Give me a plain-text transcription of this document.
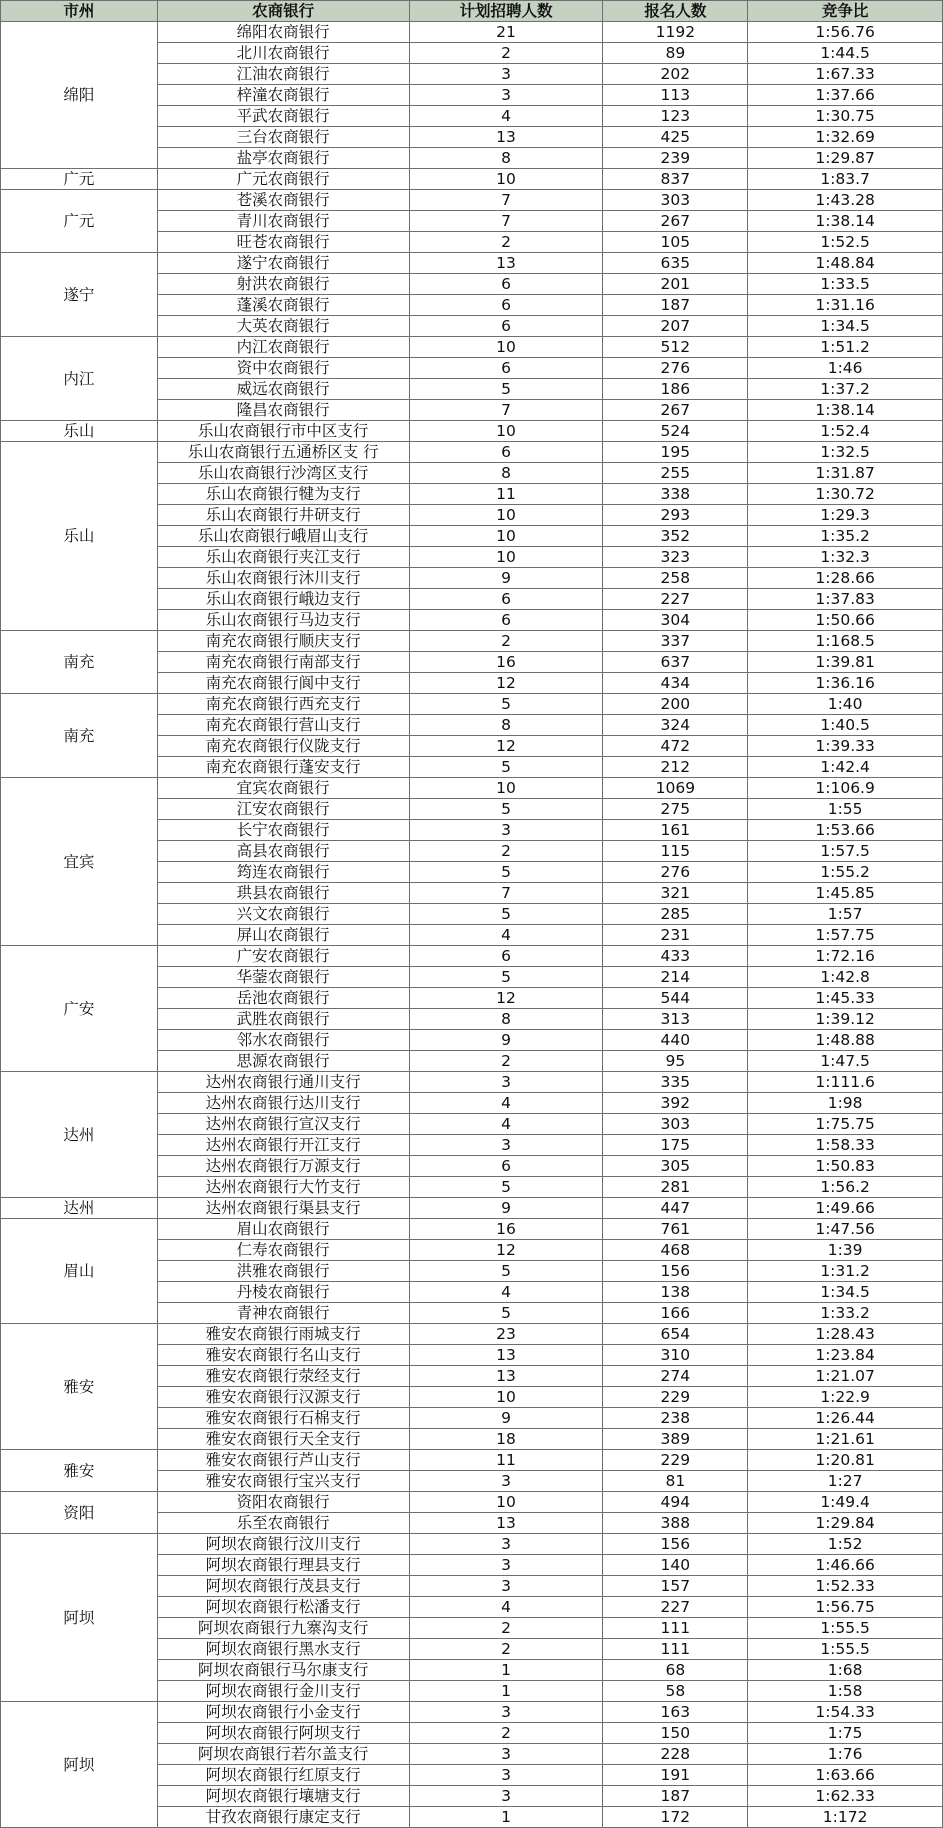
市州	农商银行	计划招聘人数	报名人数	竞争比
绵阳	绵阳农商银行	21	1192	1:56.76
	北川农商银行	2	89	1:44.5
	江油农商银行	3	202	1:67.33
	梓潼农商银行	3	113	1:37.66
	平武农商银行	4	123	1:30.75
	三台农商银行	13	425	1:32.69
	盐亭农商银行	8	239	1:29.87
广元	广元农商银行	10	837	1:83.7
广元	苍溪农商银行	7	303	1:43.28
	青川农商银行	7	267	1:38.14
	旺苍农商银行	2	105	1:52.5
遂宁	遂宁农商银行	13	635	1:48.84
	射洪农商银行	6	201	1:33.5
	蓬溪农商银行	6	187	1:31.16
	大英农商银行	6	207	1:34.5
内江	内江农商银行	10	512	1:51.2
	资中农商银行	6	276	1:46
	威远农商银行	5	186	1:37.2
	隆昌农商银行	7	267	1:38.14
乐山	乐山农商银行市中区支行	10	524	1:52.4
乐山	乐山农商银行五通桥区支 行	6	195	1:32.5
	乐山农商银行沙湾区支行	8	255	1:31.87
	乐山农商银行犍为支行	11	338	1:30.72
	乐山农商银行井研支行	10	293	1:29.3
	乐山农商银行峨眉山支行	10	352	1:35.2
	乐山农商银行夹江支行	10	323	1:32.3
	乐山农商银行沐川支行	9	258	1:28.66
	乐山农商银行峨边支行	6	227	1:37.83
	乐山农商银行马边支行	6	304	1:50.66
南充	南充农商银行顺庆支行	2	337	1:168.5
	南充农商银行南部支行	16	637	1:39.81
	南充农商银行阆中支行	12	434	1:36.16
南充	南充农商银行西充支行	5	200	1:40
	南充农商银行营山支行	8	324	1:40.5
	南充农商银行仪陇支行	12	472	1:39.33
	南充农商银行蓬安支行	5	212	1:42.4
宜宾	宜宾农商银行	10	1069	1:106.9
	江安农商银行	5	275	1:55
	长宁农商银行	3	161	1:53.66
	高县农商银行	2	115	1:57.5
	筠连农商银行	5	276	1:55.2
	珙县农商银行	7	321	1:45.85
	兴文农商银行	5	285	1:57
	屏山农商银行	4	231	1:57.75
广安	广安农商银行	6	433	1:72.16
	华蓥农商银行	5	214	1:42.8
	岳池农商银行	12	544	1:45.33
	武胜农商银行	8	313	1:39.12
	邻水农商银行	9	440	1:48.88
	思源农商银行	2	95	1:47.5
达州	达州农商银行通川支行	3	335	1:111.6
	达州农商银行达川支行	4	392	1:98
	达州农商银行宣汉支行	4	303	1:75.75
	达州农商银行开江支行	3	175	1:58.33
	达州农商银行万源支行	6	305	1:50.83
	达州农商银行大竹支行	5	281	1:56.2
达州	达州农商银行渠县支行	9	447	1:49.66
眉山	眉山农商银行	16	761	1:47.56
	仁寿农商银行	12	468	1:39
	洪雅农商银行	5	156	1:31.2
	丹棱农商银行	4	138	1:34.5
	青神农商银行	5	166	1:33.2
雅安	雅安农商银行雨城支行	23	654	1:28.43
	雅安农商银行名山支行	13	310	1:23.84
	雅安农商银行荥经支行	13	274	1:21.07
	雅安农商银行汉源支行	10	229	1:22.9
	雅安农商银行石棉支行	9	238	1:26.44
	雅安农商银行天全支行	18	389	1:21.61
雅安	雅安农商银行芦山支行	11	229	1:20.81
	雅安农商银行宝兴支行	3	81	1:27
资阳	资阳农商银行	10	494	1:49.4
	乐至农商银行	13	388	1:29.84
阿坝	阿坝农商银行汶川支行	3	156	1:52
	阿坝农商银行理县支行	3	140	1:46.66
	阿坝农商银行茂县支行	3	157	1:52.33
	阿坝农商银行松潘支行	4	227	1:56.75
	阿坝农商银行九寨沟支行	2	111	1:55.5
	阿坝农商银行黑水支行	2	111	1:55.5
	阿坝农商银行马尔康支行	1	68	1:68
	阿坝农商银行金川支行	1	58	1:58
阿坝	阿坝农商银行小金支行	3	163	1:54.33
	阿坝农商银行阿坝支行	2	150	1:75
	阿坝农商银行若尔盖支行	3	228	1:76
	阿坝农商银行红原支行	3	191	1:63.66
	阿坝农商银行壤塘支行	3	187	1:62.33
	甘孜农商银行康定支行	1	172	1:172
